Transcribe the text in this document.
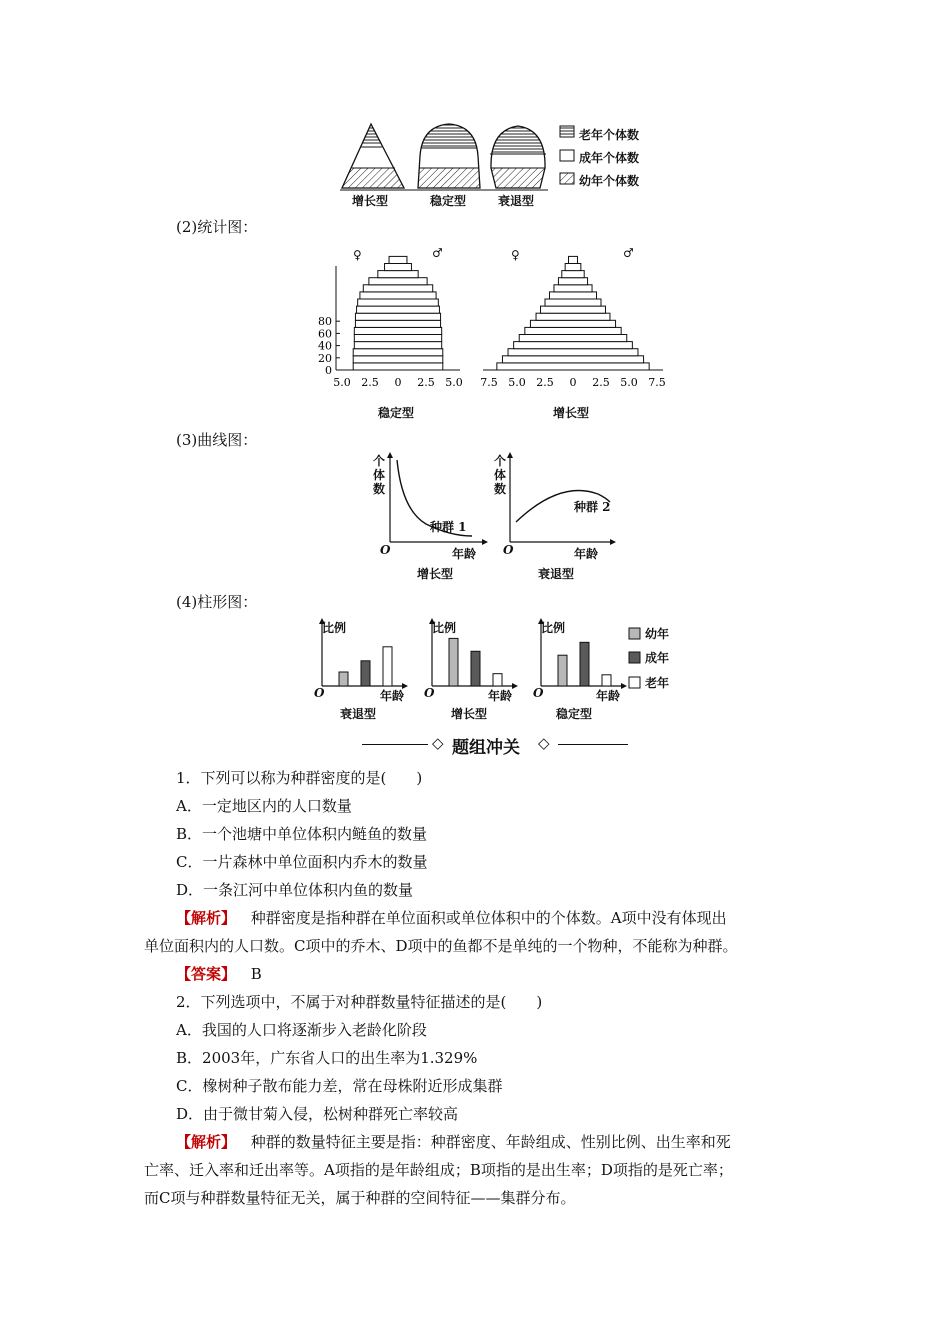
老年个体数
成年个体数
幼年个体数
增长型	稳定型	衰退型
(2)统计图：
0
20
40
60
80
5.0 2.5 0 2.5 5.0 7.5 5.0 2.5 0 2.5 5.0 7.5
♀	♂	♀	♂
稳定型	增长型
(3)曲线图：
个体数
O	年龄
种群 1
增长型
个体数
O	年龄
种群 2
衰退型
(4)柱形图：
比例
O	年龄
衰退型
比例
O	年龄
增长型
比例
O	年龄
稳定型
幼年
成年
老年
◇ 题组冲关 ◇
1．下列可以称为种群密度的是(　　)
A．一定地区内的人口数量
B．一个池塘中单位体积内鲢鱼的数量
C．一片森林中单位面积内乔木的数量
D．一条江河中单位体积内鱼的数量
【解析】 种群密度是指种群在单位面积或单位体积中的个体数。A项中没有体现出
单位面积内的人口数。C项中的乔木、D项中的鱼都不是单纯的一个物种，不能称为种群。
【答案】 B
2．下列选项中，不属于对种群数量特征描述的是(　　)
A．我国的人口将逐渐步入老龄化阶段
B．2003年，广东省人口的出生率为1.329%
C．橡树种子散布能力差，常在母株附近形成集群
D．由于微甘菊入侵，松树种群死亡率较高
【解析】 种群的数量特征主要是指：种群密度、年龄组成、性别比例、出生率和死
亡率、迁入率和迁出率等。A项指的是年龄组成；B项指的是出生率；D项指的是死亡率；
而C项与种群数量特征无关，属于种群的空间特征——集群分布。
